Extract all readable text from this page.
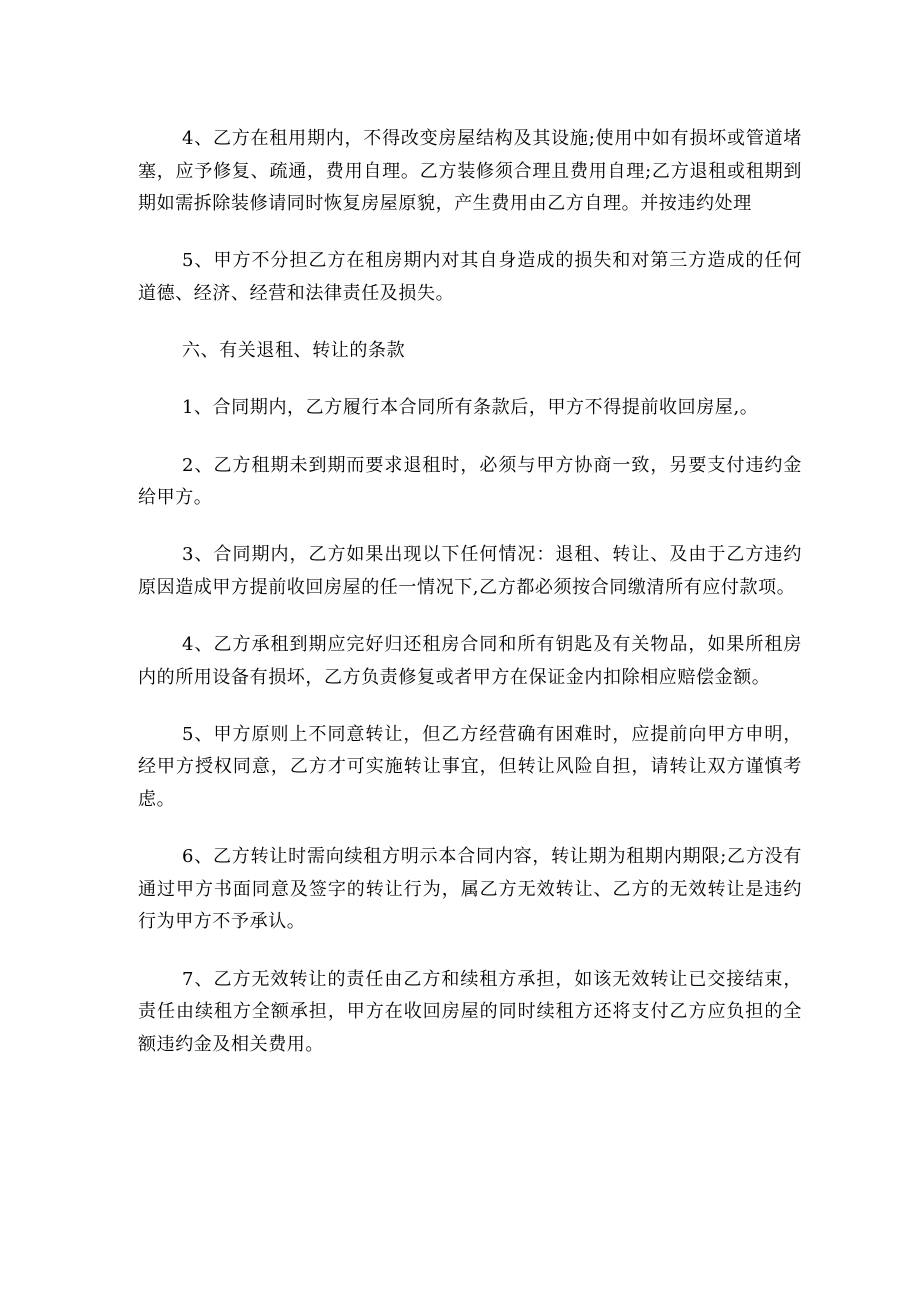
4、乙方在租用期内，不得改变房屋结构及其设施;使用中如有损坏或管道堵塞，应予修复、疏通，费用自理。乙方装修须合理且费用自理;乙方退租或租期到期如需拆除装修请同时恢复房屋原貌，产生费用由乙方自理。并按违约处理

5、甲方不分担乙方在租房期内对其自身造成的损失和对第三方造成的任何道德、经济、经营和法律责任及损失。

六、有关退租、转让的条款

1、合同期内，乙方履行本合同所有条款后，甲方不得提前收回房屋,。

2、乙方租期未到期而要求退租时，必须与甲方协商一致，另要支付违约金给甲方。

3、合同期内，乙方如果出现以下任何情况：退租、转让、及由于乙方违约原因造成甲方提前收回房屋的任一情况下,乙方都必须按合同缴清所有应付款项。

4、乙方承租到期应完好归还租房合同和所有钥匙及有关物品，如果所租房内的所用设备有损坏，乙方负责修复或者甲方在保证金内扣除相应赔偿金额。

5、甲方原则上不同意转让，但乙方经营确有困难时，应提前向甲方申明，经甲方授权同意，乙方才可实施转让事宜，但转让风险自担，请转让双方谨慎考虑。

6、乙方转让时需向续租方明示本合同内容，转让期为租期内期限;乙方没有通过甲方书面同意及签字的转让行为，属乙方无效转让、乙方的无效转让是违约行为甲方不予承认。

7、乙方无效转让的责任由乙方和续租方承担，如该无效转让已交接结束，责任由续租方全额承担，甲方在收回房屋的同时续租方还将支付乙方应负担的全额违约金及相关费用。
